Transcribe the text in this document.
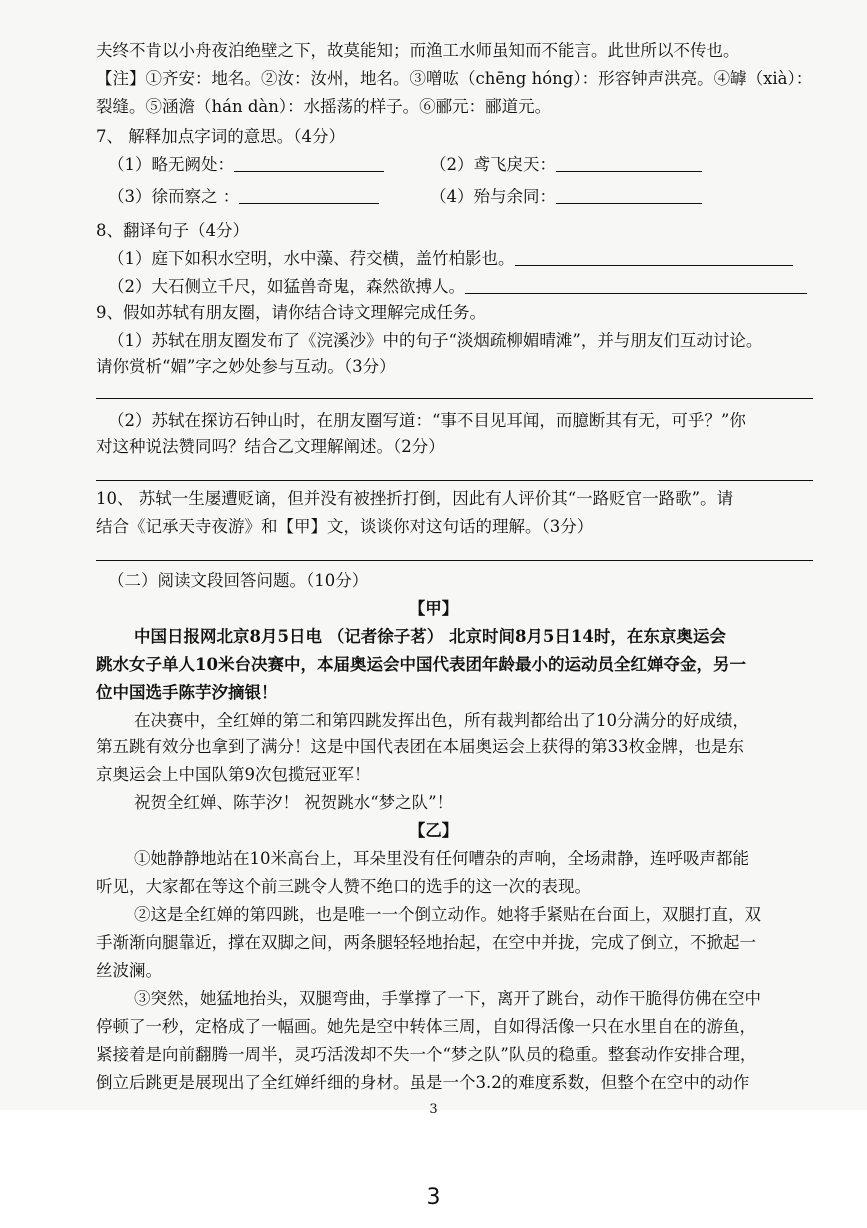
夫终不肯以小舟夜泊绝壁之下，故莫能知；而渔工水师虽知而不能言。此世所以不传也。
【注】①齐安：地名。②汝：汝州，地名。③噌吰（chēng hóng）：形容钟声洪亮。④罅（xià）：
裂缝。⑤涵澹（hán dàn）：水摇荡的样子。⑥郦元：郦道元。
7、 解释加点字词的意思。（4分）
（1）略无阙处：	（2）鸢飞戾天：
（3）徐而察之 ：	（4）殆与余同：
8、翻译句子（4分）
（1）庭下如积水空明，水中藻、荇交横，盖竹柏影也。
（2）大石侧立千尺，如猛兽奇鬼，森然欲搏人。
9、假如苏轼有朋友圈，请你结合诗文理解完成任务。
（1）苏轼在朋友圈发布了《浣溪沙》中的句子“淡烟疏柳媚晴滩”，并与朋友们互动讨论。
请你赏析“媚”字之妙处参与互动。（3分）
（2）苏轼在探访石钟山时，在朋友圈写道：“事不目见耳闻，而臆断其有无，可乎？”你
对这种说法赞同吗？结合乙文理解阐述。（2分）
10、 苏轼一生屡遭贬谪，但并没有被挫折打倒，因此有人评价其“一路贬官一路歌”。请
结合《记承天寺夜游》和【甲】文，谈谈你对这句话的理解。（3分）
（二）阅读文段回答问题。（10分）
【甲】
中国日报网北京8月5日电 （记者徐子茗） 北京时间8月5日14时，在东京奥运会
跳水女子单人10米台决赛中，本届奥运会中国代表团年龄最小的运动员全红婵夺金，另一
位中国选手陈芋汐摘银！
在决赛中，全红婵的第二和第四跳发挥出色，所有裁判都给出了10分满分的好成绩，
第五跳有效分也拿到了满分！这是中国代表团在本届奥运会上获得的第33枚金牌，也是东
京奥运会上中国队第9次包揽冠亚军！
祝贺全红婵、陈芋汐！ 祝贺跳水“梦之队”！
【乙】
①她静静地站在10米高台上，耳朵里没有任何嘈杂的声响，全场肃静，连呼吸声都能
听见，大家都在等这个前三跳令人赞不绝口的选手的这一次的表现。
②这是全红婵的第四跳，也是唯一一个倒立动作。她将手紧贴在台面上，双腿打直，双
手渐渐向腿靠近，撑在双脚之间，两条腿轻轻地抬起，在空中并拢，完成了倒立，不掀起一
丝波澜。
③突然，她猛地抬头，双腿弯曲，手掌撑了一下，离开了跳台，动作干脆得仿佛在空中
停顿了一秒，定格成了一幅画。她先是空中转体三周，自如得活像一只在水里自在的游鱼，
紧接着是向前翻腾一周半，灵巧活泼却不失一个“梦之队”队员的稳重。整套动作安排合理，
倒立后跳更是展现出了全红婵纤细的身材。虽是一个3.2的难度系数，但整个在空中的动作
3
3
